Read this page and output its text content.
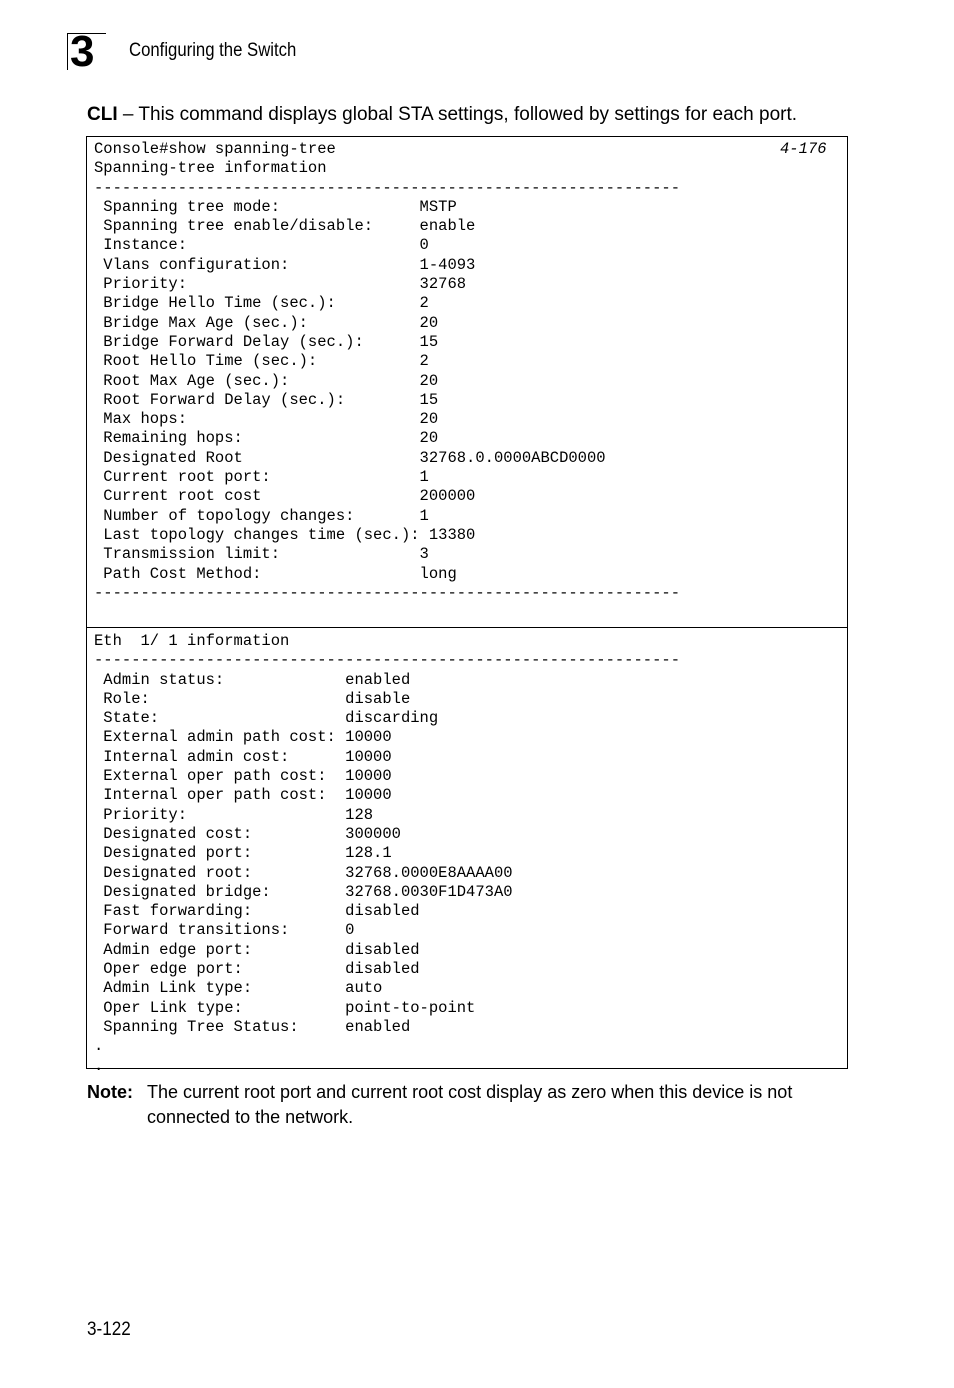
3 Configuring the Switch
CLI – This command displays global STA settings, followed by settings for each port.
Console#show spanning-tree
Spanning-tree information
---------------------------------------------------------------
Spanning tree mode:               MSTP
Spanning tree enable/disable:     enable
Instance:                         0
Vlans configuration:              1-4093
Priority:                         32768
Bridge Hello Time (sec.):         2
Bridge Max Age (sec.):            20
Bridge Forward Delay (sec.):      15
Root Hello Time (sec.):           2
Root Max Age (sec.):              20
Root Forward Delay (sec.):        15
Max hops:                         20
Remaining hops:                   20
Designated Root                   32768.0.0000ABCD0000
Current root port:                1
Current root cost                 200000
Number of topology changes:       1
Last topology changes time (sec.): 13380
Transmission limit:               3
Path Cost Method:                 long
---------------------------------------------------------------
4-176
Eth  1/ 1 information
---------------------------------------------------------------
Admin status:             enabled
Role:                     disable
State:                    discarding
External admin path cost: 10000
Internal admin cost:      10000
External oper path cost:  10000
Internal oper path cost:  10000
Priority:                 128
Designated cost:          300000
Designated port:          128.1
Designated root:          32768.0000E8AAAA00
Designated bridge:        32768.0030F1D473A0
Fast forwarding:          disabled
Forward transitions:      0
Admin edge port:          disabled
Oper edge port:           disabled
Admin Link type:          auto
Oper Link type:           point-to-point
Spanning Tree Status:     enabled
.
.
Note: The current root port and current root cost display as zero when this device is not connected to the network.
3-122
